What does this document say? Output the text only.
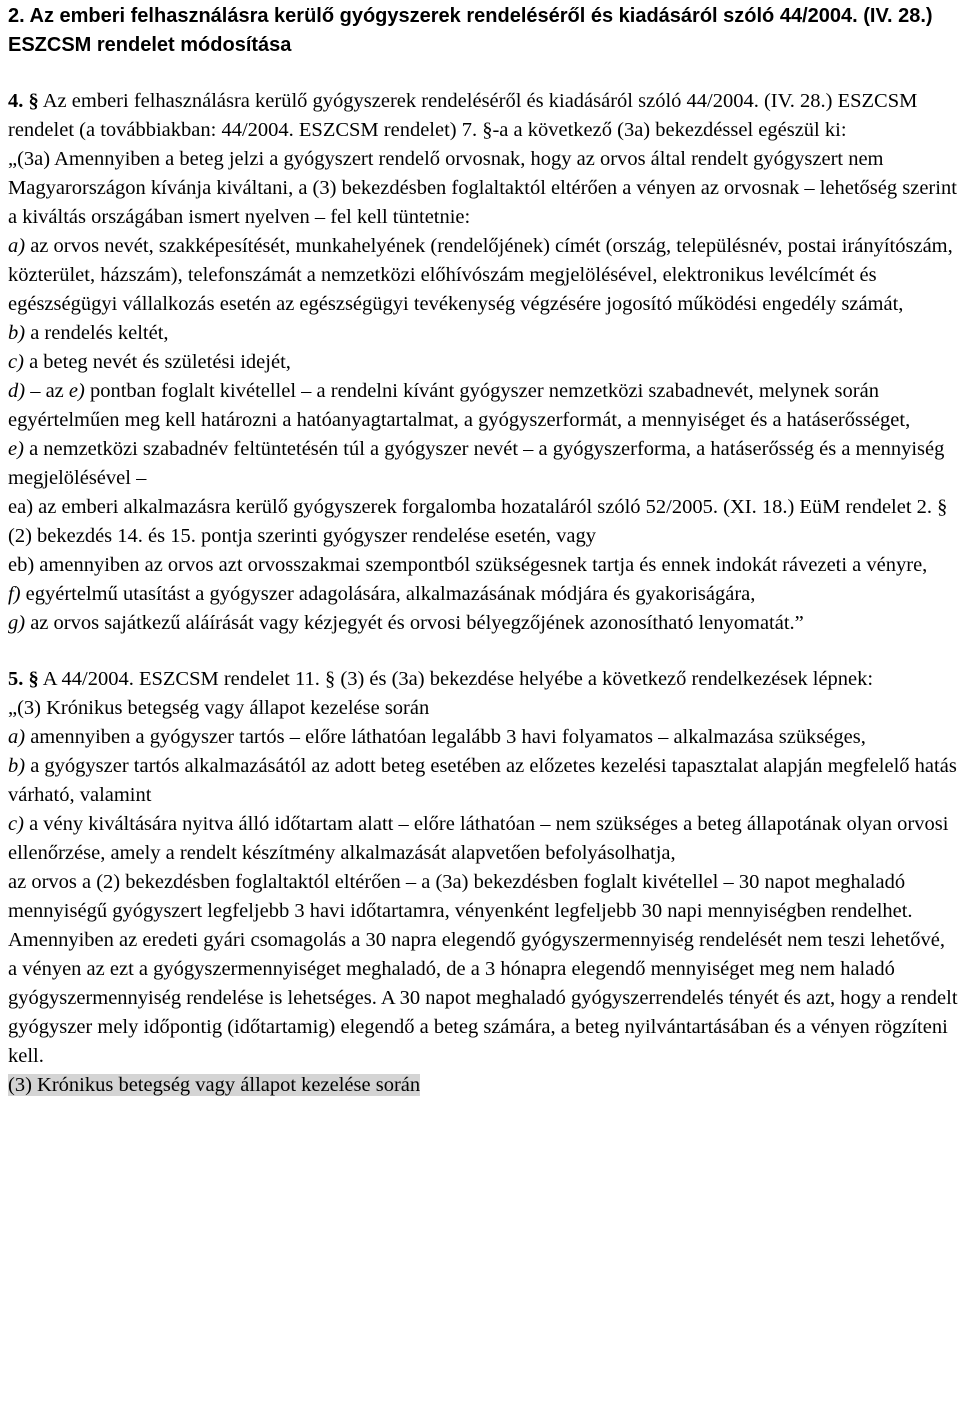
2. Az emberi felhasználásra kerülő gyógyszerek rendeléséről és kiadásáról szóló 44/2004. (IV. 28.) ESZCSM rendelet módosítása

4. § Az emberi felhasználásra kerülő gyógyszerek rendeléséről és kiadásáról szóló 44/2004. (IV. 28.) ESZCSM rendelet (a továbbiakban: 44/2004. ESZCSM rendelet) 7. §-a a következő (3a) bekezdéssel egészül ki:

„(3a) Amennyiben a beteg jelzi a gyógyszert rendelő orvosnak, hogy az orvos által rendelt gyógyszert nem Magyarországon kívánja kiváltani, a (3) bekezdésben foglaltaktól eltérően a vényen az orvosnak – lehetőség szerint a kiváltás országában ismert nyelven – fel kell tüntetnie:

a) az orvos nevét, szakképesítését, munkahelyének (rendelőjének) címét (ország, településnév, postai irányítószám, közterület, házszám), telefonszámát a nemzetközi előhívószám megjelölésével, elektronikus levélcímét és egészségügyi vállalkozás esetén az egészségügyi tevékenység végzésére jogosító működési engedély számát,

b) a rendelés keltét,

c) a beteg nevét és születési idejét,

d) – az e) pontban foglalt kivétellel – a rendelni kívánt gyógyszer nemzetközi szabadnevét, melynek során egyértelműen meg kell határozni a hatóanyagtartalmat, a gyógyszerformát, a mennyiséget és a hatáserősséget,

e) a nemzetközi szabadnév feltüntetésén túl a gyógyszer nevét – a gyógyszerforma, a hatáserősség és a mennyiség megjelölésével –

ea) az emberi alkalmazásra kerülő gyógyszerek forgalomba hozataláról szóló 52/2005. (XI. 18.) EüM rendelet 2. § (2) bekezdés 14. és 15. pontja szerinti gyógyszer rendelése esetén, vagy

eb) amennyiben az orvos azt orvosszakmai szempontból szükségesnek tartja és ennek indokát rávezeti a vényre,

f) egyértelmű utasítást a gyógyszer adagolására, alkalmazásának módjára és gyakoriságára,

g) az orvos sajátkezű aláírását vagy kézjegyét és orvosi bélyegzőjének azonosítható lenyomatát.”

5. § A 44/2004. ESZCSM rendelet 11. § (3) és (3a) bekezdése helyébe a következő rendelkezések lépnek:

„(3) Krónikus betegség vagy állapot kezelése során

a) amennyiben a gyógyszer tartós – előre láthatóan legalább 3 havi folyamatos – alkalmazása szükséges,

b) a gyógyszer tartós alkalmazásától az adott beteg esetében az előzetes kezelési tapasztalat alapján megfelelő hatás várható, valamint

c) a vény kiváltására nyitva álló időtartam alatt – előre láthatóan – nem szükséges a beteg állapotának olyan orvosi ellenőrzése, amely a rendelt készítmény alkalmazását alapvetően befolyásolhatja,

az orvos a (2) bekezdésben foglaltaktól eltérően – a (3a) bekezdésben foglalt kivétellel – 30 napot meghaladó mennyiségű gyógyszert legfeljebb 3 havi időtartamra, vényenként legfeljebb 30 napi mennyiségben rendelhet. Amennyiben az eredeti gyári csomagolás a 30 napra elegendő gyógyszermennyiség rendelését nem teszi lehetővé, a vényen az ezt a gyógyszermennyiséget meghaladó, de a 3 hónapra elegendő mennyiséget meg nem haladó gyógyszermennyiség rendelése is lehetséges. A 30 napot meghaladó gyógyszerrendelés tényét és azt, hogy a rendelt gyógyszer mely időpontig (időtartamig) elegendő a beteg számára, a beteg nyilvántartásában és a vényen rögzíteni kell.

(3) Krónikus betegség vagy állapot kezelése során
